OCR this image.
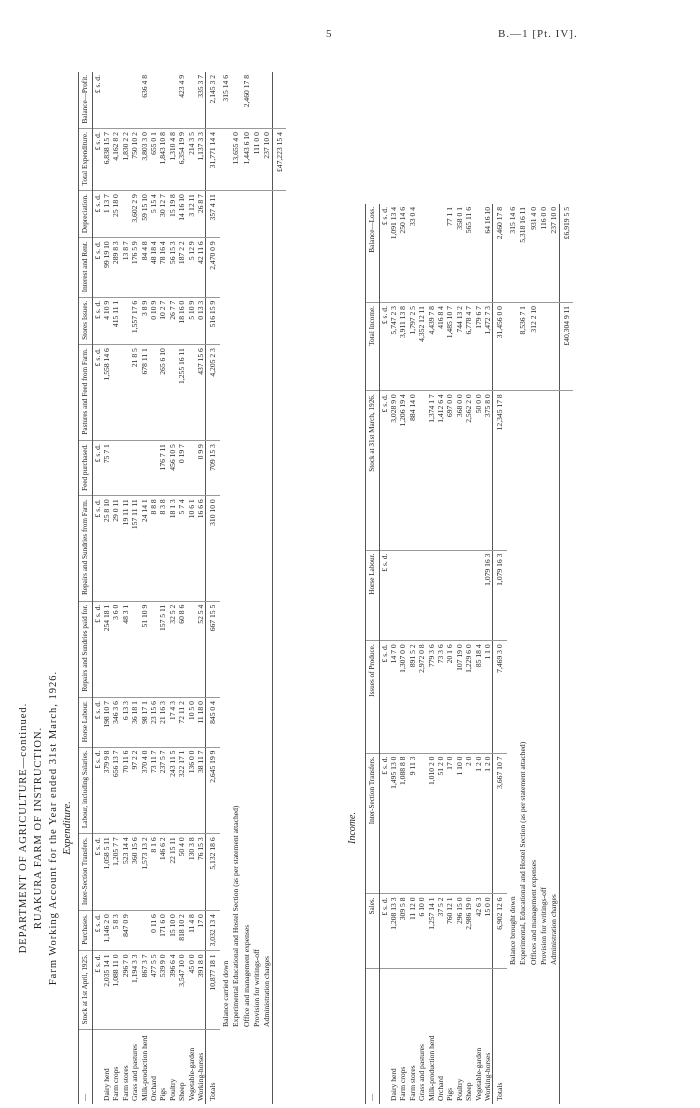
5	B.—1 [Pt. IV].
DEPARTMENT OF AGRICULTURE—continued. RUAKURA FARM OF INSTRUCTION. Farm Working Account for the Year ended 31st March, 1926. Expenditure.
—	Stock at 1st April, 1925.	Purchases.	Inter-Section Transfers.	Labour, including Salaries.	Horse Labour.	Repairs and Sundries paid for.	Repairs and Sundries from Farm.	Feed purchased.	Pastures and Feed from Farm.	Stores Issues.	Interest and Rent.	Depreciation.	Total Expenditure.	Balance—Profit.
	£ s. d.	£ s. d.	£ s. d.	£ s. d.	£ s. d.	£ s. d.	£ s. d.	£ s. d.	£ s. d.	£ s. d.	£ s. d.	£ s. d.	£ s. d.	£ s. d.
Dairy herd	2,035 14 1	1,146 2 0	1,058 5 11	379 9 8	198 10 7	254 18 1	25 8 10	75 7 1	1,558 14 6	4 10 9	99 19 10	1 13 7	6,838 15 7	
Farm crops	1,088 11 0	5 8 3	1,205 7 7	656 13 7	346 3 6	3 6 0	29 0 11			415 11 1	289 8 3	25 18 0	4,162 8 2	
Farm stores	296 7 0	847 0 9	523 14 4	70 11 6	6 13 3	48 3 1	19 11 11				13 8 7		1,830 2 2	
Grass and pastures	1,194 3 3		360 15 6	97 2 2	36 18 1		157 11 11		21 8 5	1,557 17 6	176 5 9	3,602 2 9	750 10 2	
Milk-production herd	867 3 7		1,573 13 2	370 4 0	98 17 1	51 10 9	24 14 1		678 11 1	3 8 9	84 4 8	59 15 10	3,803 3 0	636 4 8
Orchard	477 5 5	0 11 6	8 1 6	73 11 7	23 15 6		8 8 8			0 10 9	48 18 4	5 15 4	655 0 1	
Pigs	539 9 0	171 6 0	146 6 2	237 5 7	21 16 3	157 5 11	8 3 8	176 7 11	265 6 10	10 2 7	78 16 4	30 12 7	1,843 10 8	
Poultry	396 6 4	15 10 0	22 15 11	243 11 5	17 4 3	32 5 2	18 1 3	456 10 5		26 7 7	56 15 3	15 19 8	1,310 4 8	
Sheep	3,547 10 0	818 10 2	50 4 0	322 17 1	72 11 2	60 8 6	5 7 4	0 19 7	1,255 16 11	18 16 0	187 2 2	14 16 10	6,354 19 9	423 4 9
Vegetable-garden	45 0 0	11 4 8	130 3 8	136 0 0	10 5 0		10 6 1			5 10 9	5 12 9	3 12 11	214 3 5	
Working-horses	391 8 0	17 0	76 15 3	38 11 7	11 18 0	52 5 4	16 6 6	0 9 9	437 15 6	0 13 3	42 11 6	26 8 7	1,137 3 3	335 3 7
Totals	10,877 18 1	3,032 13 4	5,132 18 6	2,645 19 9	845 0 4	667 15 5	310 10 0	709 15 3	4,205 2 3	516 15 9	2,470 0 9	357 4 11	31,771 14 4	2,145 3 2
	Balance carried down													315 14 6
	Experimental Educational and Hostel Section (as per statement attached)												13,655 4 0	
	Office and management expenses												1,443 6 10	2,460 17 8
	Provision for writings-off												111 0 0	
	Administration charges												237 10 0	
													£47,223 15 4	
Income.
—	Sales.	Inter-Section Transfers.	Issues of Produce.	Horse Labour.	Stock at 31st March, 1926.	Total Income.	Balance—Loss.
	£ s. d.	£ s. d.	£ s. d.	£ s. d.	£ s. d.	£ s. d.	£ s. d.
Dairy herd	1,208 13 3	1,495 13 0	14 7 0		3,028 9 0	5,747 2 3	1,091 13 4
Farm crops	309 5 8	1,088 8 8	1,307 0 0		1,206 19 4	3,911 13 8	250 14 6
Farm stores	11 12 0	9 11 3	891 5 2		884 14 0	1,797 2 5	33 0 4
Grass and pastures	6 10 0		2,972 0 8			4,352 12 11	
Milk-production herd	1,257 14 1	1,010 2 0	779 3 6		1,374 1 7	4,439 7 8	
Orchard	37 5 2	51 2 0	73 3 6		1,412 6 4	416 8 4	
Pigs	760 12 1	17 0	20 1 6		697 0 0	1,485 10 7	77 1 1
Poultry	296 15 0	1 10 0	107 19 0		368 0 0	744 13 2	358 0 1
Sheep	2,986 19 0	2 0	1,229 6 0		2,562 2 0	6,778 4 7	565 11 6
Vegetable-garden	42 6 3	1 2 0	85 18 4		50 0 0	179 6 7	
Working-horses	15 0 0	1 2 0	1 1 0	1,079 16 3	375 8 0	1,472 7 3	64 16 10
Totals	6,902 12 6	3,667 10 7	7,469 3 0	1,079 16 3	12,345 17 8	31,456 0 0	2,460 17 8
	Balance brought down						315 14 6
	Experimental, Educational and Hostel Section (as per statement attached)					8,536 7 1	5,318 16 11
	Offices and management expenses					312 2 10	931 4 0
	Provision for writings-off						116 0 0
	Administration charges						237 10 0
						£40,304 9 11	£6,919 5 5
